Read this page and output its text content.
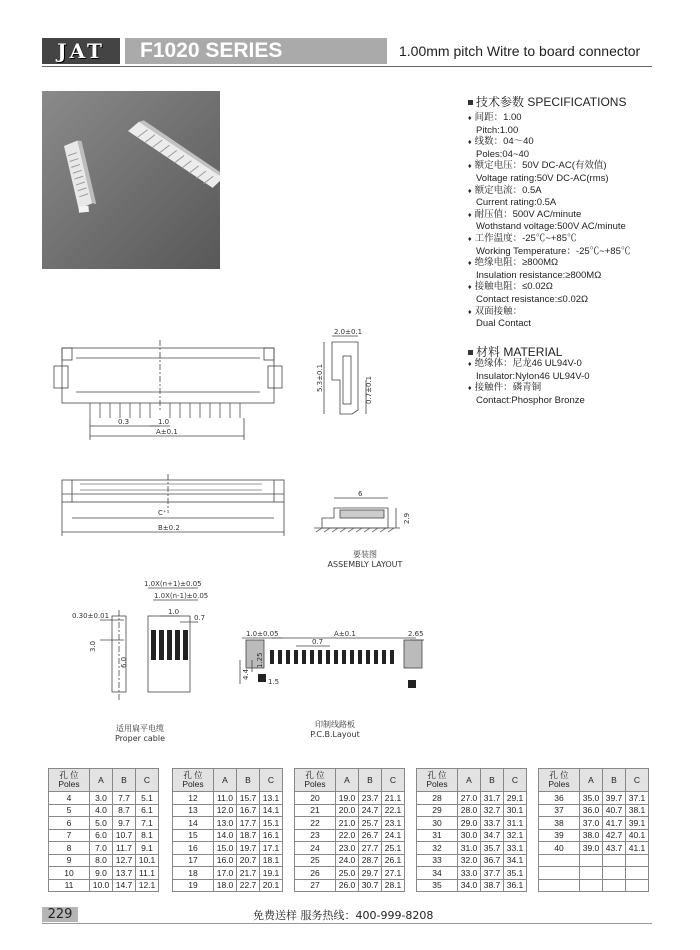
JAT	F1020 SERIES	1.00mm pitch Witre to board connector
技术参数 SPECIFICATIONS
♦ 间距：1.00
Pitch:1.00
♦ 线数：04～40
Poles:04~40
♦ 额定电压：50V DC-AC(有效值)
Voltage rating:50V DC-AC(rms)
♦ 额定电流：0.5A
Current rating:0.5A
♦ 耐压值：500V AC/minute
Wothstand voltage:500V AC/minute
♦ 工作温度：-25℃~+85℃
Working Temperature：-25℃~+85℃
♦ 绝缘电阻：≥800MΩ
Insulation resistance:≥800MΩ
♦ 接触电阻：≤0.02Ω
Contact resistance:≤0.02Ω
♦ 双面接触：
Dual Contact
材料 MATERIAL
♦ 绝缘体：尼龙46 UL94V-0
Insulator:Nylon46 UL94V-0
♦ 接触件：磷青铜
Contact:Phosphor Bronze
0.3	1.0
A±0.1
2.0±0.1
5.3±0.1	0.7±0.1
C⁺¹
B±0.2
6
2.9
1.0X(n+1)±0.05
1.0X(n-1)±0.05
0.30±0.01
3.0
6.0
1.0
0.7
1.0±0.05	A±0.1	2.65
0.7
1.25
4.4
1.5
要装图
ASSEMBLY LAYOUT
适用扁平电缆
Proper cable
印制线路板
P.C.B.Layout
孔 位
Poles	A	B	C
4	3.0	7.7	5.1
5	4.0	8.7	6.1
6	5.0	9.7	7.1
7	6.0	10.7	8.1
8	7.0	11.7	9.1
9	8.0	12.7	10.1
10	9.0	13.7	11.1
11	10.0	14.7	12.1
孔 位
Poles	A	B	C
12	11.0	15.7	13.1
13	12.0	16.7	14.1
14	13.0	17.7	15.1
15	14.0	18.7	16.1
16	15.0	19.7	17.1
17	16.0	20.7	18.1
18	17.0	21.7	19.1
19	18.0	22.7	20.1
孔 位
Poles	A	B	C
20	19.0	23.7	21.1
21	20.0	24.7	22.1
22	21.0	25.7	23.1
23	22.0	26.7	24.1
24	23.0	27.7	25.1
25	24.0	28.7	26.1
26	25.0	29.7	27.1
27	26.0	30.7	28.1
孔 位
Poles	A	B	C
28	27.0	31.7	29.1
29	28.0	32.7	30.1
30	29.0	33.7	31.1
31	30.0	34.7	32.1
32	31.0	35.7	33.1
33	32.0	36.7	34.1
34	33.0	37.7	35.1
35	34.0	38.7	36.1
孔 位
Poles	A	B	C
36	35.0	39.7	37.1
37	36.0	40.7	38.1
38	37.0	41.7	39.1
39	38.0	42.7	40.1
40	39.0	43.7	41.1

229	免费送样 服务热线：400-999-8208
